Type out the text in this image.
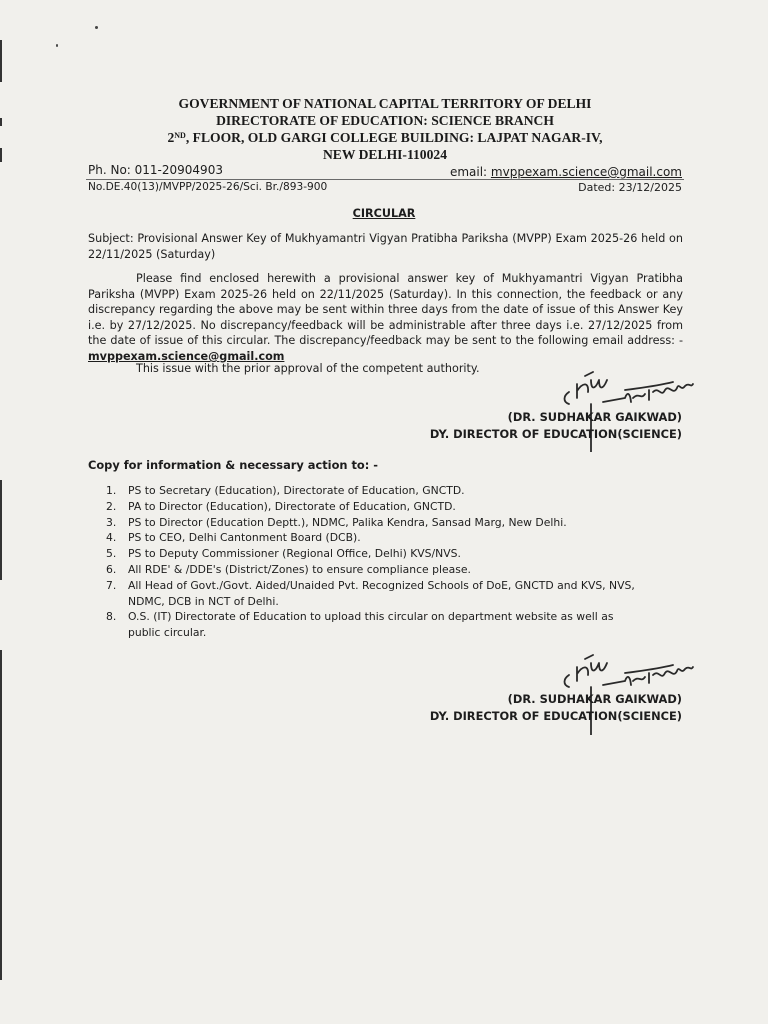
GOVERNMENT OF NATIONAL CAPITAL TERRITORY OF DELHI
DIRECTORATE OF EDUCATION: SCIENCE BRANCH
2ND, FLOOR, OLD GARGI COLLEGE BUILDING: LAJPAT NAGAR-IV,
NEW DELHI-110024
Ph. No: 011-20904903	email: mvppexam.science@gmail.com
No.DE.40(13)/MVPP/2025-26/Sci. Br./893-900	Dated: 23/12/2025
CIRCULAR
Subject: Provisional Answer Key of Mukhyamantri Vigyan Pratibha Pariksha (MVPP) Exam 2025-26 held on 22/11/2025 (Saturday)
Please find enclosed herewith a provisional answer key of Mukhyamantri Vigyan Pratibha Pariksha (MVPP) Exam 2025-26 held on 22/11/2025 (Saturday). In this connection, the feedback or any discrepancy regarding the above may be sent within three days from the date of issue of this Answer Key i.e. by 27/12/2025. No discrepancy/feedback will be administrable after three days i.e. 27/12/2025 from the date of issue of this circular. The discrepancy/feedback may be sent to the following email address: - mvppexam.science@gmail.com
This issue with the prior approval of the competent authority.
(DR. SUDHAKAR GAIKWAD)
DY. DIRECTOR OF EDUCATION(SCIENCE)
Copy for information & necessary action to: -
1. PS to Secretary (Education), Directorate of Education, GNCTD.
2. PA to Director (Education), Directorate of Education, GNCTD.
3. PS to Director (Education Deptt.), NDMC, Palika Kendra, Sansad Marg, New Delhi.
4. PS to CEO, Delhi Cantonment Board (DCB).
5. PS to Deputy Commissioner (Regional Office, Delhi) KVS/NVS.
6. All RDE' & /DDE's (District/Zones) to ensure compliance please.
7. All Head of Govt./Govt. Aided/Unaided Pvt. Recognized Schools of DoE, GNCTD and KVS, NVS, NDMC, DCB in NCT of Delhi.
8. O.S. (IT) Directorate of Education to upload this circular on department website as well as public circular.
(DR. SUDHAKAR GAIKWAD)
DY. DIRECTOR OF EDUCATION(SCIENCE)
